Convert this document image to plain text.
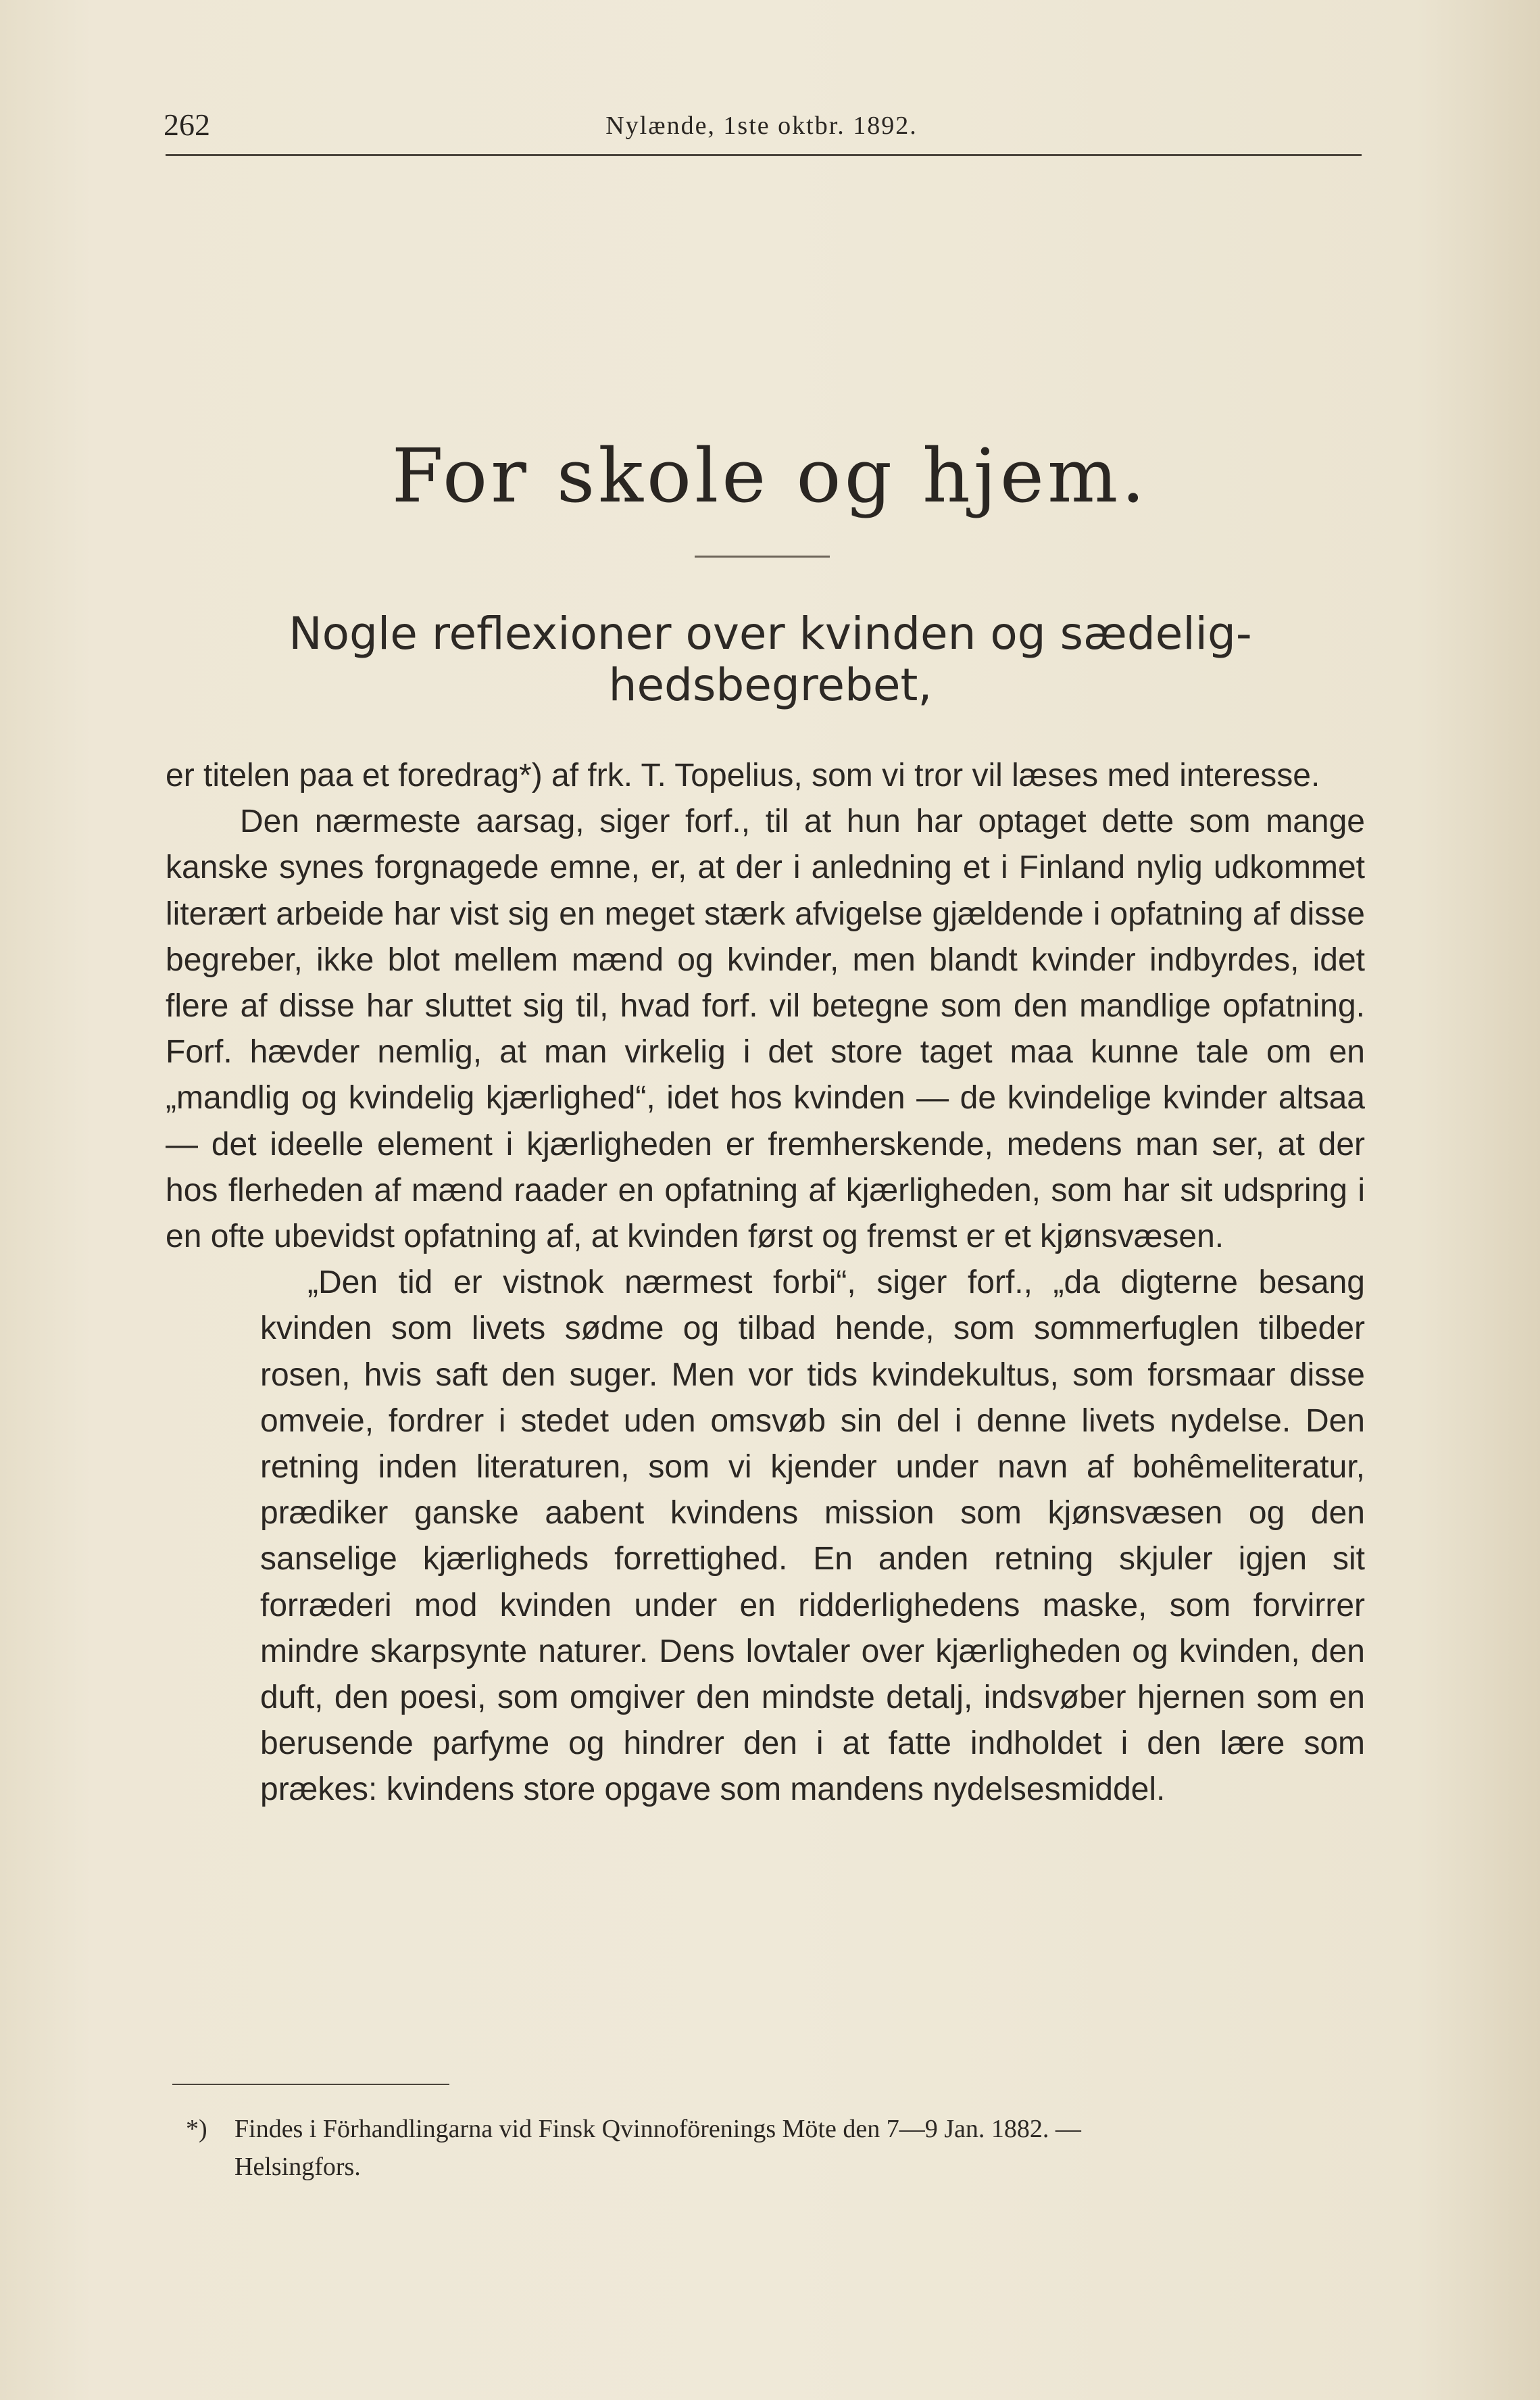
262	Nylænde, 1ste oktbr. 1892.
For skole og hjem.
Nogle reflexioner over kvinden og sædelig-
hedsbegrebet,

er titelen paa et foredrag*) af frk. T. Topelius, som vi tror vil læses med interesse.

Den nærmeste aarsag, siger forf., til at hun har optaget dette som mange kanske synes forgnagede emne, er, at der i anledning et i Finland nylig udkommet literært arbeide har vist sig en meget stærk afvigelse gjældende i opfatning af disse begreber, ikke blot mellem mænd og kvinder, men blandt kvinder indbyrdes, idet flere af disse har sluttet sig til, hvad forf. vil betegne som den mandlige opfatning. Forf. hævder nemlig, at man virkelig i det store taget maa kunne tale om en „mandlig og kvindelig kjærlighed“, idet hos kvinden — de kvindelige kvinder altsaa — det ideelle element i kjærligheden er fremherskende, medens man ser, at der hos flerheden af mænd raader en opfatning af kjærligheden, som har sit udspring i en ofte ubevidst opfatning af, at kvinden først og fremst er et kjønsvæsen.

„Den tid er vistnok nærmest forbi“, siger forf., „da digterne besang kvinden som livets sødme og tilbad hende, som sommerfuglen tilbeder rosen, hvis saft den suger. Men vor tids kvindekultus, som forsmaar disse omveie, fordrer i stedet uden omsvøb sin del i denne livets nydelse. Den retning inden literaturen, som vi kjender under navn af bohêmeliteratur, prædiker ganske aabent kvindens mission som kjønsvæsen og den sanselige kjærligheds forrettighed. En anden retning skjuler igjen sit forræderi mod kvinden under en ridderlighedens maske, som forvirrer mindre skarpsynte naturer. Dens lovtaler over kjærligheden og kvinden, den duft, den poesi, som omgiver den mindste detalj, indsvøber hjernen som en berusende parfyme og hindrer den i at fatte indholdet i den lære som prækes: kvindens store opgave som mandens nydelsesmiddel.

*) Findes i Förhandlingarna vid Finsk Qvinnoförenings Möte den 7—9 Jan. 1882. —
Helsingfors.
